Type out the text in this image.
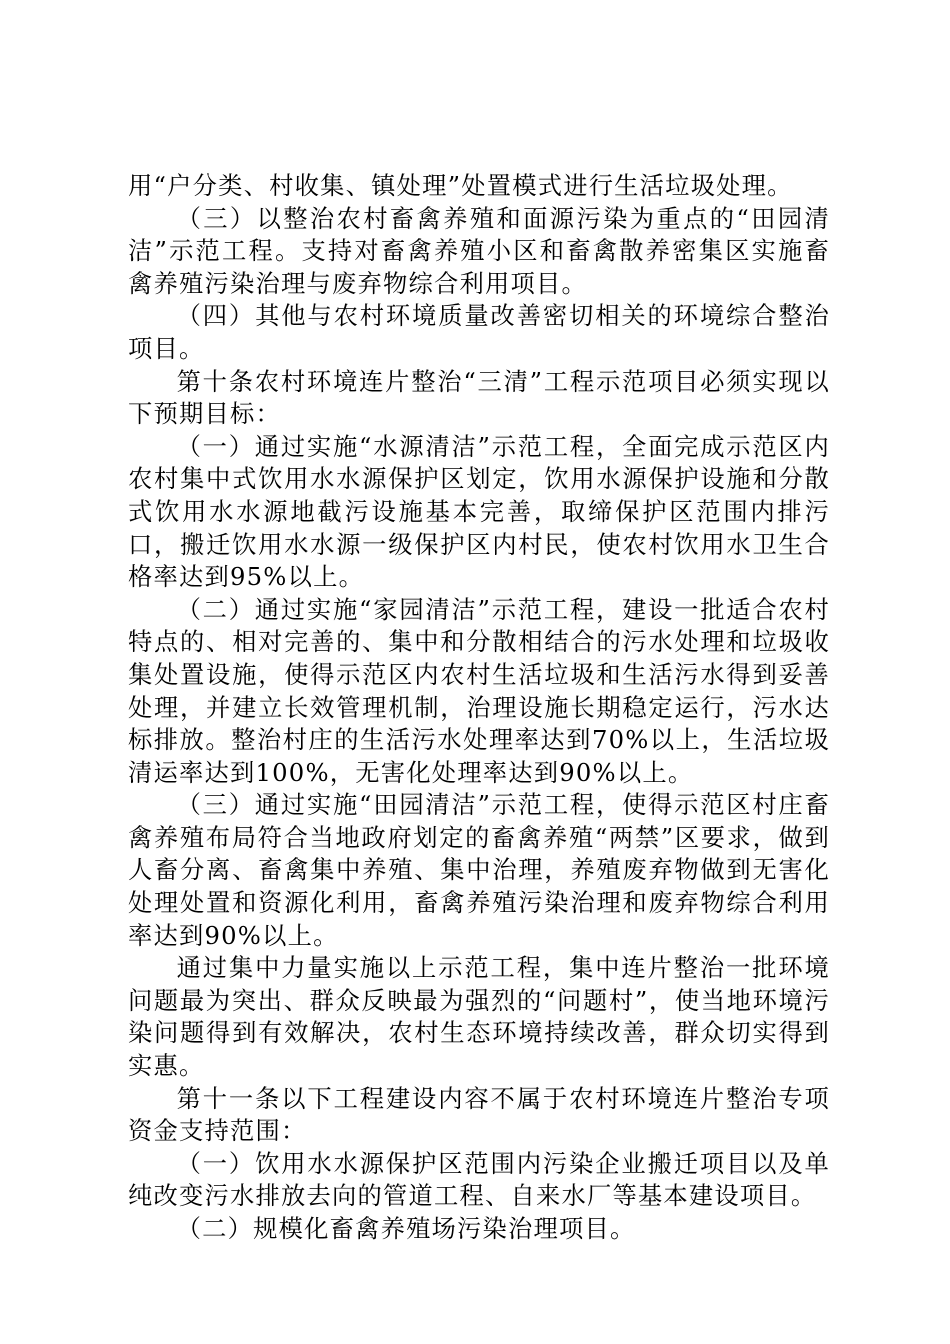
用“户分类、村收集、镇处理”处置模式进行生活垃圾处理。

（三）以整治农村畜禽养殖和面源污染为重点的“田园清洁”示范工程。支持对畜禽养殖小区和畜禽散养密集区实施畜禽养殖污染治理与废弃物综合利用项目。

（四）其他与农村环境质量改善密切相关的环境综合整治项目。

第十条农村环境连片整治“三清”工程示范项目必须实现以下预期目标：

（一）通过实施“水源清洁”示范工程，全面完成示范区内农村集中式饮用水水源保护区划定，饮用水源保护设施和分散式饮用水水源地截污设施基本完善，取缔保护区范围内排污口，搬迁饮用水水源一级保护区内村民，使农村饮用水卫生合格率达到95%以上。

（二）通过实施“家园清洁”示范工程，建设一批适合农村特点的、相对完善的、集中和分散相结合的污水处理和垃圾收集处置设施，使得示范区内农村生活垃圾和生活污水得到妥善处理，并建立长效管理机制，治理设施长期稳定运行，污水达标排放。整治村庄的生活污水处理率达到70%以上，生活垃圾清运率达到100%，无害化处理率达到90%以上。

（三）通过实施“田园清洁”示范工程，使得示范区村庄畜禽养殖布局符合当地政府划定的畜禽养殖“两禁”区要求，做到人畜分离、畜禽集中养殖、集中治理，养殖废弃物做到无害化处理处置和资源化利用，畜禽养殖污染治理和废弃物综合利用率达到90%以上。

通过集中力量实施以上示范工程，集中连片整治一批环境问题最为突出、群众反映最为强烈的“问题村”，使当地环境污染问题得到有效解决，农村生态环境持续改善，群众切实得到实惠。

第十一条以下工程建设内容不属于农村环境连片整治专项资金支持范围：

（一）饮用水水源保护区范围内污染企业搬迁项目以及单纯改变污水排放去向的管道工程、自来水厂等基本建设项目。

（二）规模化畜禽养殖场污染治理项目。
